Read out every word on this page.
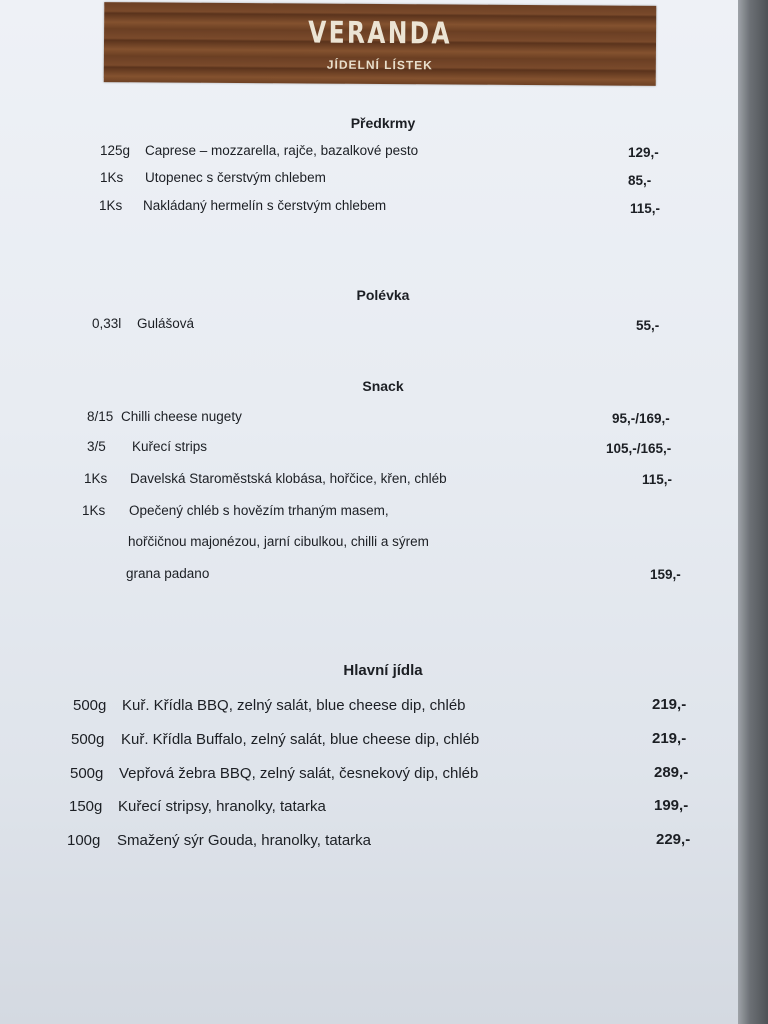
VERANDA
JÍDELNÍ LÍSTEK
Předkrmy
125g Caprese – mozzarella, rajče, bazalkové pesto	129,-
1Ks Utopenec s čerstvým chlebem	85,-
1Ks Nakládaný hermelín s čerstvým chlebem	115,-
Polévka
0,33l Gulášová	55,-
Snack
8/15 Chilli cheese nugety	95,-/169,-
3/5 Kuřecí strips	105,-/165,-
1Ks Davelská Staroměstská klobása, hořčice, křen, chléb	115,-
1Ks Opečený chléb s hovězím trhaným masem,
hořčičnou majonézou, jarní cibulkou, chilli a sýrem
grana padano	159,-
Hlavní jídla
500g Kuř. Křídla BBQ, zelný salát, blue cheese dip, chléb	219,-
500g Kuř. Křídla Buffalo, zelný salát, blue cheese dip, chléb	219,-
500g Vepřová žebra BBQ, zelný salát, česnekový dip, chléb	289,-
150g Kuřecí stripsy, hranolky, tatarka	199,-
100g Smažený sýr Gouda, hranolky, tatarka	229,-
